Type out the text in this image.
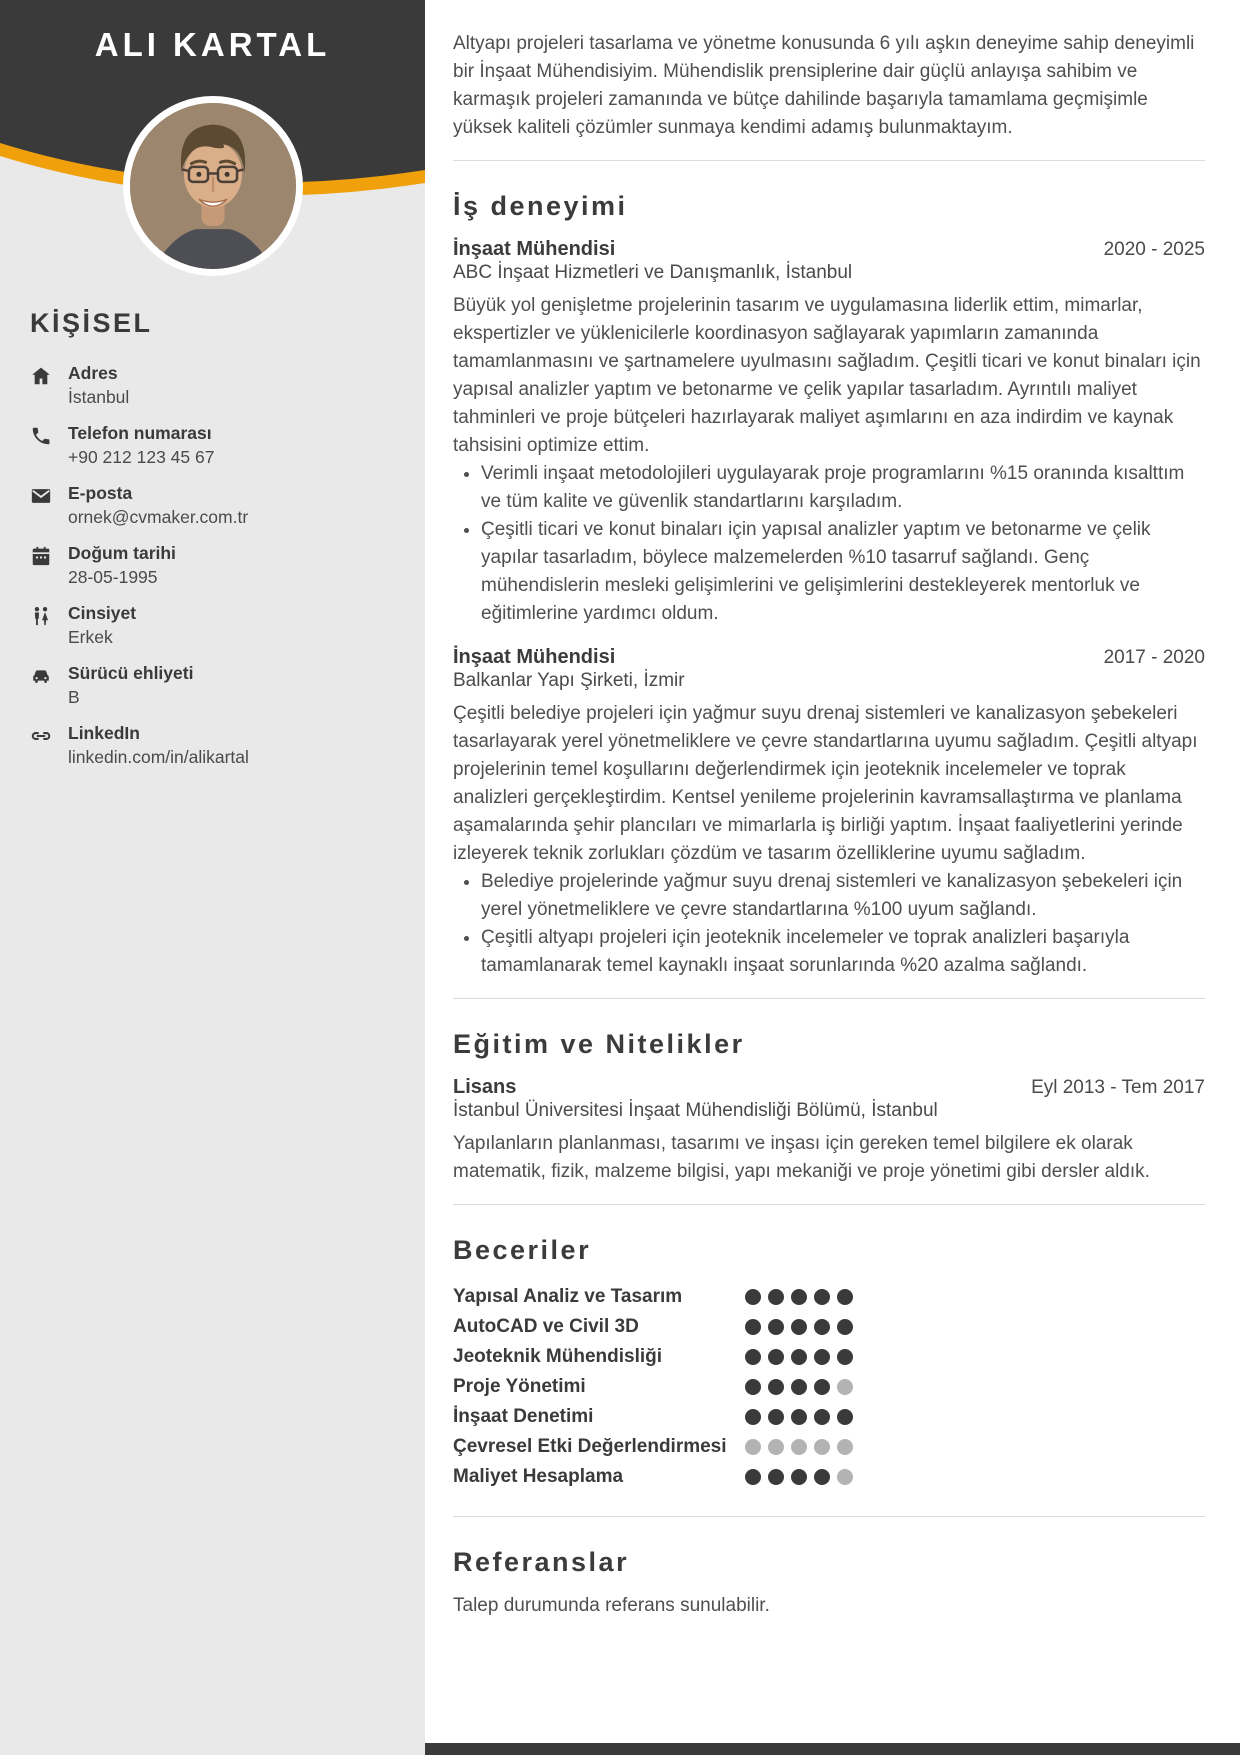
ALI KARTAL
KİŞİSEL
Adres
İstanbul
Telefon numarası
+90 212 123 45 67
E-posta
ornek@cvmaker.com.tr
Doğum tarihi
28-05-1995
Cinsiyet
Erkek
Sürücü ehliyeti
B
LinkedIn
linkedin.com/in/alikartal

Altyapı projeleri tasarlama ve yönetme konusunda 6 yılı aşkın deneyime sahip deneyimli bir İnşaat Mühendisiyim. Mühendislik prensiplerine dair güçlü anlayışa sahibim ve karmaşık projeleri zamanında ve bütçe dahilinde başarıyla tamamlama geçmişimle yüksek kaliteli çözümler sunmaya kendimi adamış bulunmaktayım.

İş deneyimi
İnşaat Mühendisi
ABC İnşaat Hizmetleri ve Danışmanlık, İstanbul
2020 - 2025

Büyük yol genişletme projelerinin tasarım ve uygulamasına liderlik ettim, mimarlar, ekspertizler ve yüklenicilerle koordinasyon sağlayarak yapımların zamanında tamamlanmasını ve şartnamelere uyulmasını sağladım. Çeşitli ticari ve konut binaları için yapısal analizler yaptım ve betonarme ve çelik yapılar tasarladım. Ayrıntılı maliyet tahminleri ve proje bütçeleri hazırlayarak maliyet aşımlarını en aza indirdim ve kaynak tahsisini optimize ettim.

• Verimli inşaat metodolojileri uygulayarak proje programlarını %15 oranında kısalttım ve tüm kalite ve güvenlik standartlarını karşıladım.
• Çeşitli ticari ve konut binaları için yapısal analizler yaptım ve betonarme ve çelik yapılar tasarladım, böylece malzemelerden %10 tasarruf sağlandı. Genç mühendislerin mesleki gelişimlerini ve gelişimlerini destekleyerek mentorluk ve eğitimlerine yardımcı oldum.
İnşaat Mühendisi
Balkanlar Yapı Şirketi, İzmir
2017 - 2020

Çeşitli belediye projeleri için yağmur suyu drenaj sistemleri ve kanalizasyon şebekeleri tasarlayarak yerel yönetmeliklere ve çevre standartlarına uyumu sağladım. Çeşitli altyapı projelerinin temel koşullarını değerlendirmek için jeoteknik incelemeler ve toprak analizleri gerçekleştirdim. Kentsel yenileme projelerinin kavramsallaştırma ve planlama aşamalarında şehir plancıları ve mimarlarla iş birliği yaptım. İnşaat faaliyetlerini yerinde izleyerek teknik zorlukları çözdüm ve tasarım özelliklerine uyumu sağladım.

• Belediye projelerinde yağmur suyu drenaj sistemleri ve kanalizasyon şebekeleri için yerel yönetmeliklere ve çevre standartlarına %100 uyum sağlandı.
• Çeşitli altyapı projeleri için jeoteknik incelemeler ve toprak analizleri başarıyla tamamlanarak temel kaynaklı inşaat sorunlarında %20 azalma sağlandı.
Eğitim ve Nitelikler
Lisans
İstanbul Üniversitesi İnşaat Mühendisliği Bölümü, İstanbul
Eyl 2013 - Tem 2017

Yapılanların planlanması, tasarımı ve inşası için gereken temel bilgilere ek olarak matematik, fizik, malzeme bilgisi, yapı mekaniği ve proje yönetimi gibi dersler aldık.

Beceriler
Yapısal Analiz ve Tasarım
AutoCAD ve Civil 3D
Jeoteknik Mühendisliği
Proje Yönetimi
İnşaat Denetimi
Çevresel Etki Değerlendirmesi
Maliyet Hesaplama
Referanslar

Talep durumunda referans sunulabilir.
